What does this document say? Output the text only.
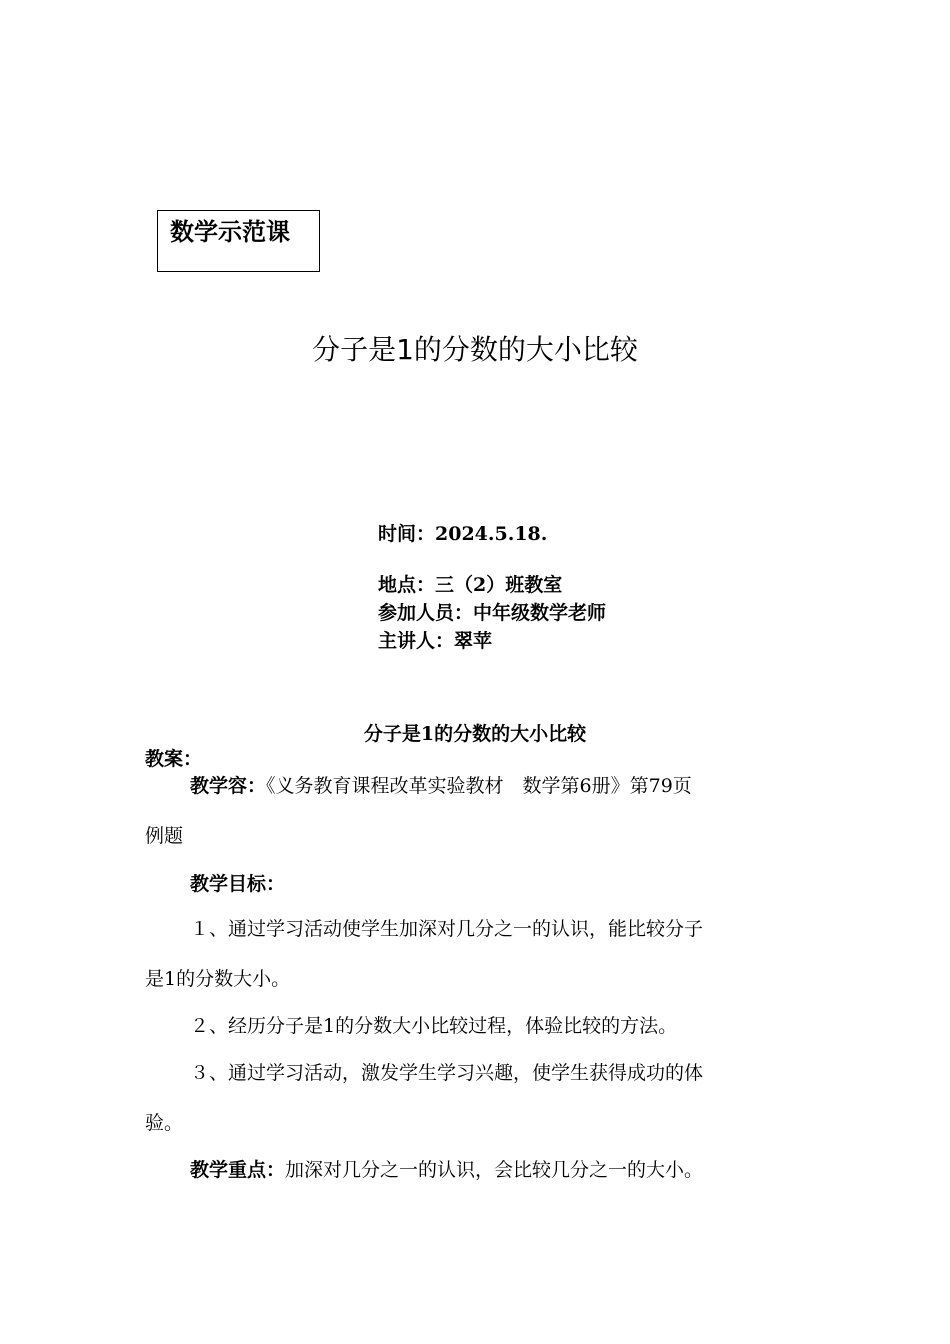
数学示范课
分子是1的分数的大小比较
时间：2024.5.18.
地点：三（2）班教室
参加人员：中年级数学老师
主讲人：翠苹
分子是1的分数的大小比较
教案：
教学容：《义务教育课程改革实验教材　数学第6册》第79页
例题
教学目标：
１、通过学习活动使学生加深对几分之一的认识，能比较分子
是1的分数大小。
２、经历分子是1的分数大小比较过程，体验比较的方法。
３、通过学习活动，激发学生学习兴趣，使学生获得成功的体
验。
教学重点：加深对几分之一的认识，会比较几分之一的大小。
